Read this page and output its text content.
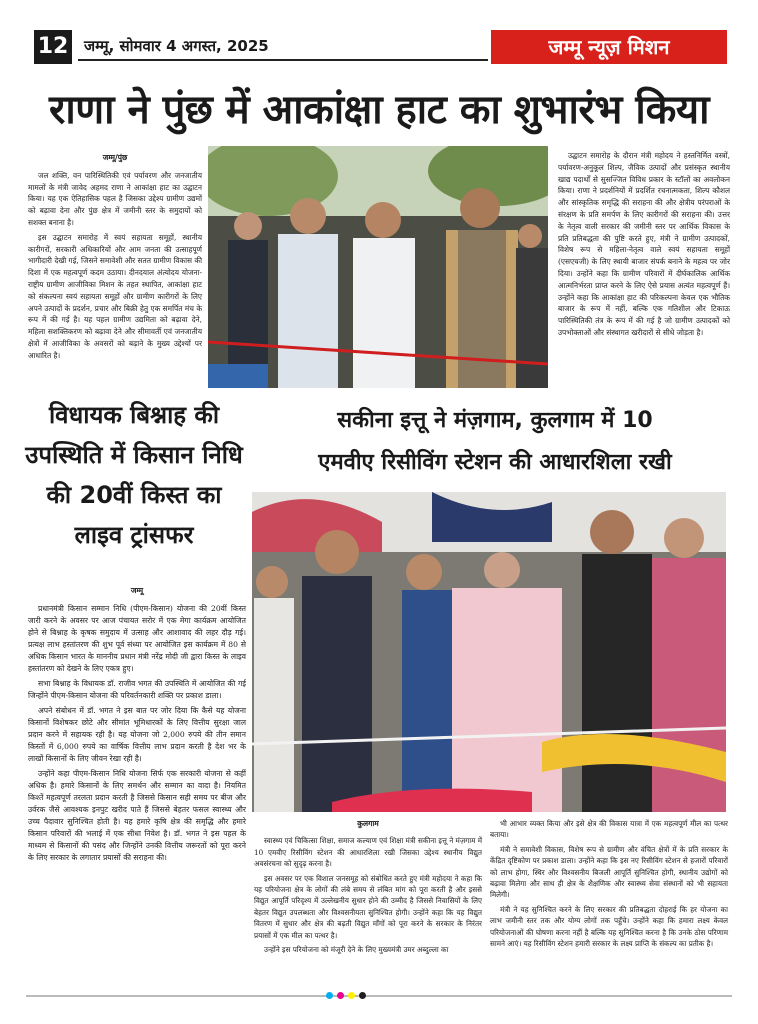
12 जम्मू, सोमवार 4 अगस्त, 2025	जम्मू न्यूज़ मिशन
राणा ने पुंछ में आकांक्षा हाट का शुभारंभ किया
जम्मू/पुंछ

जल शक्ति, वन पारिस्थितिकी एवं पर्यावरण और जनजातीय मामलों के मंत्री जावेद अहमद राणा ने आकांक्षा हाट का उद्घाटन किया। यह एक ऐतिहासिक पहल है जिसका उद्देश्य ग्रामीण उद्यमों को बढ़ावा देना और पुंछ क्षेत्र में जमीनी स्तर के समुदायों को सशक्त बनाना है।

इस उद्घाटन समारोह में स्वयं सहायता समूहों, स्थानीय कारीगरों, सरकारी अधिकारियों और आम जनता की उत्साहपूर्ण भागीदारी देखी गई, जिसने समावेशी और सतत ग्रामीण विकास की दिशा में एक महत्वपूर्ण कदम उठाया। दीनदयाल अंत्योदय योजना-राष्ट्रीय ग्रामीण आजीविका मिशन के तहत स्थापित, आकांक्षा हाट को संकल्पना स्वयं सहायता समूहों और ग्रामीण कारीगरों के लिए अपने उत्पादों के प्रदर्शन, प्रचार और बिक्री हेतु एक समर्पित मंच के रूप में की गई है। यह पहल ग्रामीण उद्यमिता को बढ़ावा देने, महिला सशक्तिकरण को बढ़ावा देने और सीमावर्ती एवं जनजातीय क्षेत्रों में आजीविका के अवसरों को बढ़ाने के मुख्य उद्देश्यों पर आधारित है।

उद्घाटन समारोह के दौरान मंत्री महोदय ने हस्तनिर्मित वस्त्रों, पर्यावरण-अनुकूल शिल्प, जैविक उत्पादों और प्रसंस्कृत स्थानीय खाद्य पदार्थों से सुसज्जित विविध प्रकार के स्टॉलों का अवलोकन किया। राणा ने प्रदर्शनियों में प्रदर्शित रचनात्मकता, शिल्प कौशल और सांस्कृतिक समृद्धि की सराहना की और क्षेत्रीय परंपराओं के संरक्षण के प्रति समर्पण के लिए कारीगरों की सराहना की। उत्तर के नेतृत्व वाली सरकार की जमीनी स्तर पर आर्थिक विकास के प्रति प्रतिबद्धता की पुष्टि करते हुए, मंत्री ने ग्रामीण उत्पादकों, विशेष रूप से महिला-नेतृत्व वाले स्वयं सहायता समूहों (एसएचजी) के लिए स्थायी बाजार संपर्क बनाने के महत्व पर जोर दिया। उन्होंने कहा कि ग्रामीण परिवारों में दीर्घकालिक आर्थिक आत्मनिर्भरता प्राप्त करने के लिए ऐसे प्रयास अत्यंत महत्वपूर्ण हैं। उन्होंने कहा कि आकांक्षा हाट की परिकल्पना केवल एक भौतिक बाजार के रूप में नहीं, बल्कि एक गतिशील और टिकाऊ पारिस्थितिकी तंत्र के रूप में की गई है जो ग्रामीण उत्पादकों को उपभोक्ताओं और संस्थागत खरीदारों से सीधे जोड़ता है।

विधायक बिश्नाह की उपस्थिति में किसान निधि की 20वीं किस्त का लाइव ट्रांसफर
जम्मू

प्रधानमंत्री किसान सम्मान निधि (पीएम-किसान) योजना की 20वीं किस्त जारी करने के अवसर पर आज पंचायत सरोर में एक मेगा कार्यक्रम आयोजित होने से बिश्नाह के कृषक समुदाय में उत्साह और आशावाद की लहर दौड़ गई। प्रत्यक्ष लाभ हस्तांतरण की शुभ पूर्व संध्या पर आयोजित इस कार्यक्रम में 80 से अधिक किसान भारत के माननीय प्रधान मंत्री नरेंद्र मोदी जी द्वारा किस्त के लाइव हस्तांतरण को देखने के लिए एकत्र हुए।

सभा बिश्नाह के विधायक डॉ. राजीव भगत की उपस्थिति में आयोजित की गई जिन्होंने पीएम-किसान योजना की परिवर्तनकारी शक्ति पर प्रकाश डाला।

अपने संबोधन में डॉ. भगत ने इस बात पर जोर दिया कि कैसे यह योजना किसानों विशेषकर छोटे और सीमांत भूमिधारकों के लिए वित्तीय सुरक्षा जाल प्रदान करने में सहायक रही है। यह योजना जो 2,000 रुपये की तीन समान किस्तों में 6,000 रुपये का वार्षिक वित्तीय लाभ प्रदान करती है देश भर के लाखों किसानों के लिए जीवन रेखा रही है।

उन्होंने कहा पीएम-किसान निधि योजना सिर्फ एक सरकारी योजना से कहीं अधिक है। हमारे किसानों के लिए समर्थन और सम्मान का वादा है। नियमित किश्तें महत्वपूर्ण तरलता प्रदान करती है जिससे किसान सही समय पर बीज और उर्वरक जैसे आवश्यक इनपुट खरीद पाते हैं जिससे बेहतर फसल स्वास्थ्य और उच्च पैदावार सुनिश्चित होती है। यह हमारे कृषि क्षेत्र की समृद्धि और हमारे किसान परिवारों की भलाई में एक सीधा निवेश है। डॉ. भगत ने इस पहल के माध्यम से किसानों की पसंद और जिन्होंने उनकी वित्तीय जरूरतों को पूरा करने के लिए सरकार के लगातार प्रयासों की सराहना की।

सकीना इत्तू ने मंज़गाम, कुलगाम में 10
एमवीए रिसीविंग स्टेशन की आधारशिला रखी
कुलगाम

स्वास्थ्य एवं चिकित्सा शिक्षा, समाज कल्याण एवं शिक्षा मंत्री सकीना इत्तू ने मंज़गाम में 10 एमवीए रिसीविंग स्टेशन की आधारशिला रखी जिसका उद्देश्य स्थानीय विद्युत अवसंरचना को सुदृढ़ करना है।

इस अवसर पर एक विशाल जनसमूह को संबोधित करते हुए मंत्री महोदया ने कहा कि यह परियोजना क्षेत्र के लोगों की लंबे समय से लंबित मांग को पूरा करती है और इससे विद्युत आपूर्ति परिदृश्य में उल्लेखनीय सुधार होने की उम्मीद है जिससे निवासियों के लिए बेहतर विद्युत उपलब्धता और विश्वसनीयता सुनिश्चित होगी। उन्होंने कहा कि यह विद्युत वितरण में सुधार और क्षेत्र की बढ़ती विद्युत माँगों को पूरा करने के सरकार के निरंतर प्रयासों में एक मील का पत्थर है।

उन्होंने इस परियोजना को मंजूरी देने के लिए मुख्यमंत्री उमर अब्दुल्ला का

भी आभार व्यक्त किया और इसे क्षेत्र की विकास यात्रा में एक महत्वपूर्ण मील का पत्थर बताया।

मंत्री ने समावेशी विकास, विशेष रूप से ग्रामीण और वंचित क्षेत्रों में के प्रति सरकार के केंद्रित दृष्टिकोण पर प्रकाश डाला। उन्होंने कहा कि इस नए रिसीविंग स्टेशन से हजारों परिवारों को लाभ होगा, स्थिर और विश्वसनीय बिजली आपूर्ति सुनिश्चित होगी, स्थानीय उद्योगों को बढ़ावा मिलेगा और साथ ही क्षेत्र के शैक्षणिक और स्वास्थ्य सेवा संस्थानों को भी सहायता मिलेगी।

मंत्री ने यह सुनिश्चित करने के लिए सरकार की प्रतिबद्धता दोहराई कि हर योजना का लाभ जमीनी स्तर तक और योग्य लोगों तक पहुँचे। उन्होंने कहा कि हमारा लक्ष्य केवल परियोजनाओं की घोषणा करना नहीं है बल्कि यह सुनिश्चित करना है कि उनके ठोस परिणाम सामने आएं। यह रिसीविंग स्टेशन हमारी सरकार के लक्ष्य प्राप्ति के संकल्प का प्रतीक है।
